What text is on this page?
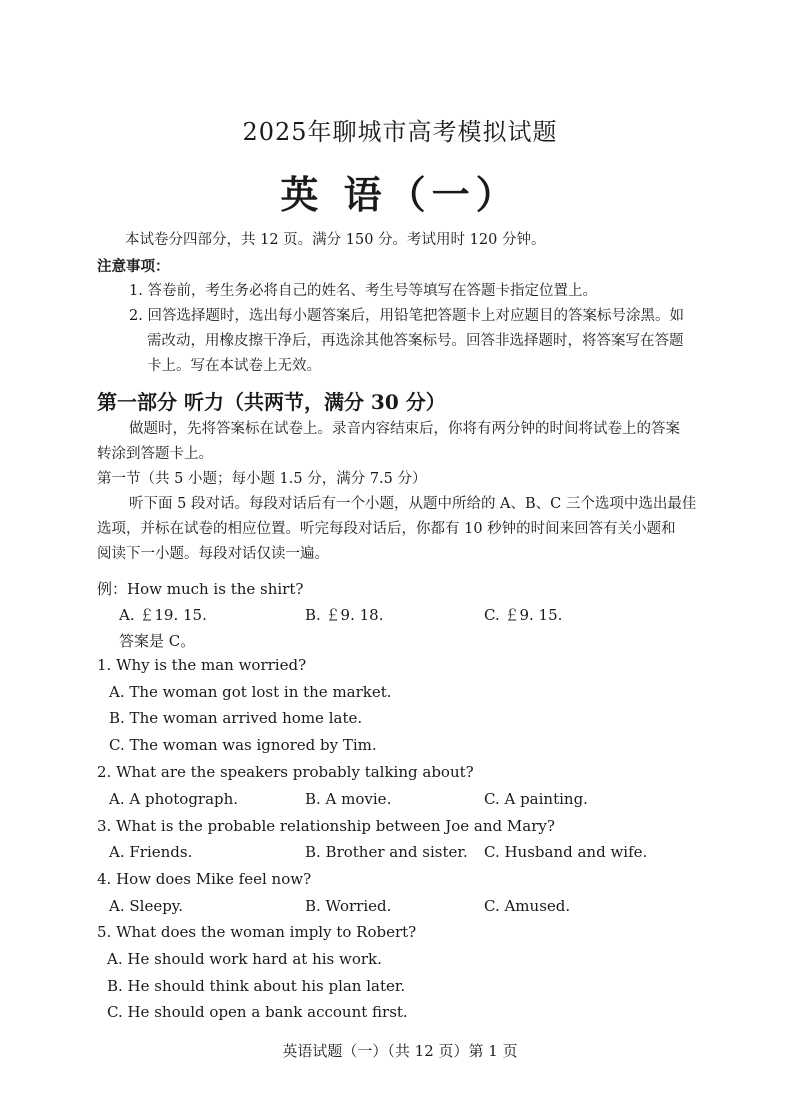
2025年聊城市高考模拟试题
英 语（一）
本试卷分四部分，共 12 页。满分 150 分。考试用时 120 分钟。
注意事项：
1. 答卷前，考生务必将自己的姓名、考生号等填写在答题卡指定位置上。
2. 回答选择题时，选出每小题答案后，用铅笔把答题卡上对应题目的答案标号涂黑。如
需改动，用橡皮擦干净后，再选涂其他答案标号。回答非选择题时，将答案写在答题
卡上。写在本试卷上无效。
第一部分 听力（共两节，满分 30 分）
做题时，先将答案标在试卷上。录音内容结束后，你将有两分钟的时间将试卷上的答案
转涂到答题卡上。
第一节（共 5 小题；每小题 1.5 分，满分 7.5 分）
听下面 5 段对话。每段对话后有一个小题，从题中所给的 A、B、C 三个选项中选出最佳
选项，并标在试卷的相应位置。听完每段对话后，你都有 10 秒钟的时间来回答有关小题和
阅读下一小题。每段对话仅读一遍。
例：How much is the shirt?
A. ￡19. 15.	B. ￡9. 18.	C. ￡9. 15.
答案是 C。
1. Why is the man worried?
A. The woman got lost in the market.
B. The woman arrived home late.
C. The woman was ignored by Tim.
2. What are the speakers probably talking about?
A. A photograph.	B. A movie.	C. A painting.
3. What is the probable relationship between Joe and Mary?
A. Friends.	B. Brother and sister. C. Husband and wife.
4. How does Mike feel now?
A. Sleepy.	B. Worried.	C. Amused.
5. What does the woman imply to Robert?
A. He should work hard at his work.
B. He should think about his plan later.
C. He should open a bank account first.
英语试题（一）（共 12 页）第 1 页
